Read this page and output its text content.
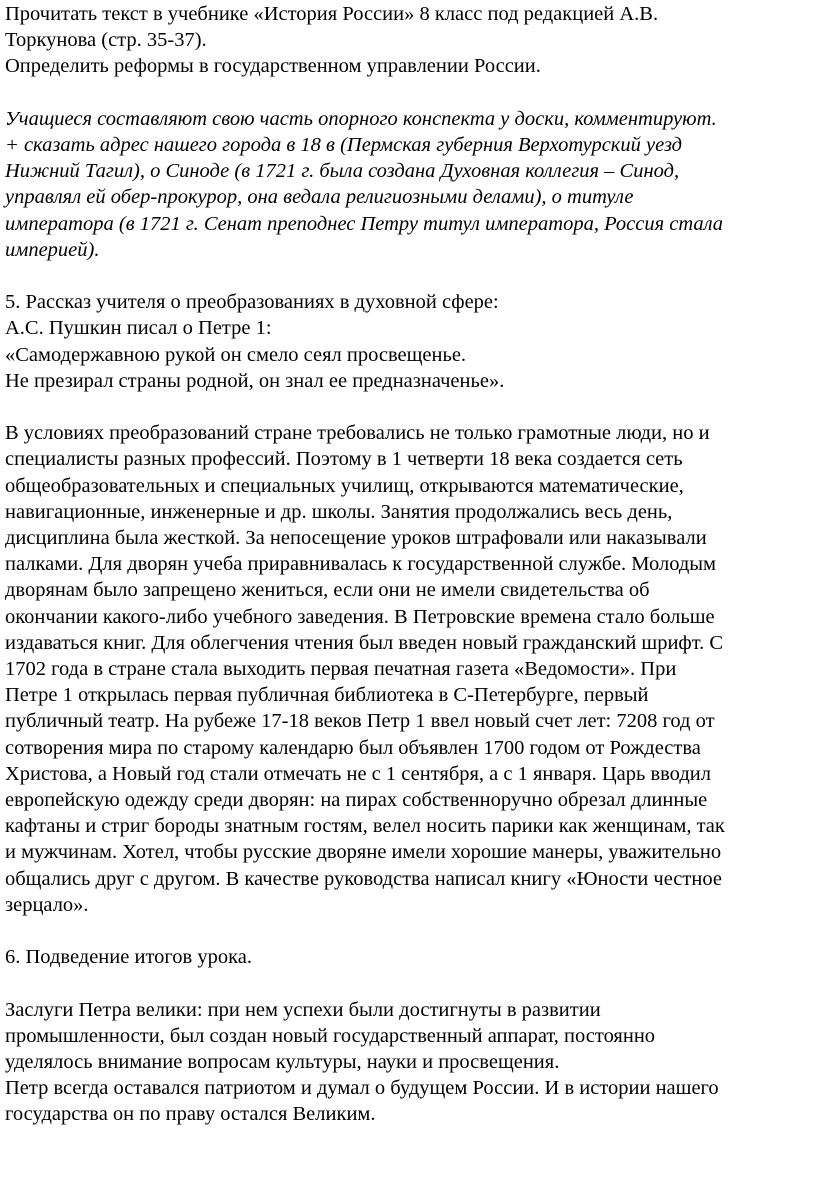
Прочитать текст в учебнике «История России» 8 класс под редакцией А.В.
Торкунова (стр. 35-37).
Определить реформы в государственном управлении России.
Учащиеся составляют свою часть опорного конспекта у доски, комментируют.
+ сказать адрес нашего города в 18 в (Пермская губерния Верхотурский уезд
Нижний Тагил), о Синоде (в 1721 г. была создана Духовная коллегия – Синод,
управлял ей обер-прокурор, она ведала религиозными делами), о титуле
императора (в 1721 г. Сенат преподнес Петру титул императора, Россия стала
империей).
5. Рассказ учителя о преобразованиях в духовной сфере:
А.С. Пушкин писал о Петре 1:
«Самодержавною рукой он смело сеял просвещенье.
Не презирал страны родной, он знал ее предназначенье».
В условиях преобразований стране требовались не только грамотные люди, но и
специалисты разных профессий. Поэтому в 1 четверти 18 века создается сеть
общеобразовательных и специальных училищ, открываются математические,
навигационные, инженерные и др. школы. Занятия продолжались весь день,
дисциплина была жесткой. За непосещение уроков штрафовали или наказывали
палками. Для дворян учеба приравнивалась к государственной службе. Молодым
дворянам было запрещено жениться, если они не имели свидетельства об
окончании какого-либо учебного заведения. В Петровские времена стало больше
издаваться книг. Для облегчения чтения был введен новый гражданский шрифт. С
1702 года в стране стала выходить первая печатная газета «Ведомости». При
Петре 1 открылась первая публичная библиотека в С-Петербурге, первый
публичный театр. На рубеже 17-18 веков Петр 1 ввел новый счет лет: 7208 год от
сотворения мира по старому календарю был объявлен 1700 годом от Рождества
Христова, а Новый год стали отмечать не с 1 сентября, а с 1 января. Царь вводил
европейскую одежду среди дворян: на пирах собственноручно обрезал длинные
кафтаны и стриг бороды знатным гостям, велел носить парики как женщинам, так
и мужчинам. Хотел, чтобы русские дворяне имели хорошие манеры, уважительно
общались друг с другом. В качестве руководства написал книгу «Юности честное
зерцало».
6. Подведение итогов урока.
Заслуги Петра велики: при нем успехи были достигнуты в развитии
промышленности, был создан новый государственный аппарат, постоянно
уделялось внимание вопросам культуры, науки и просвещения.
Петр всегда оставался патриотом и думал о будущем России. И в истории нашего
государства он по праву остался Великим.
